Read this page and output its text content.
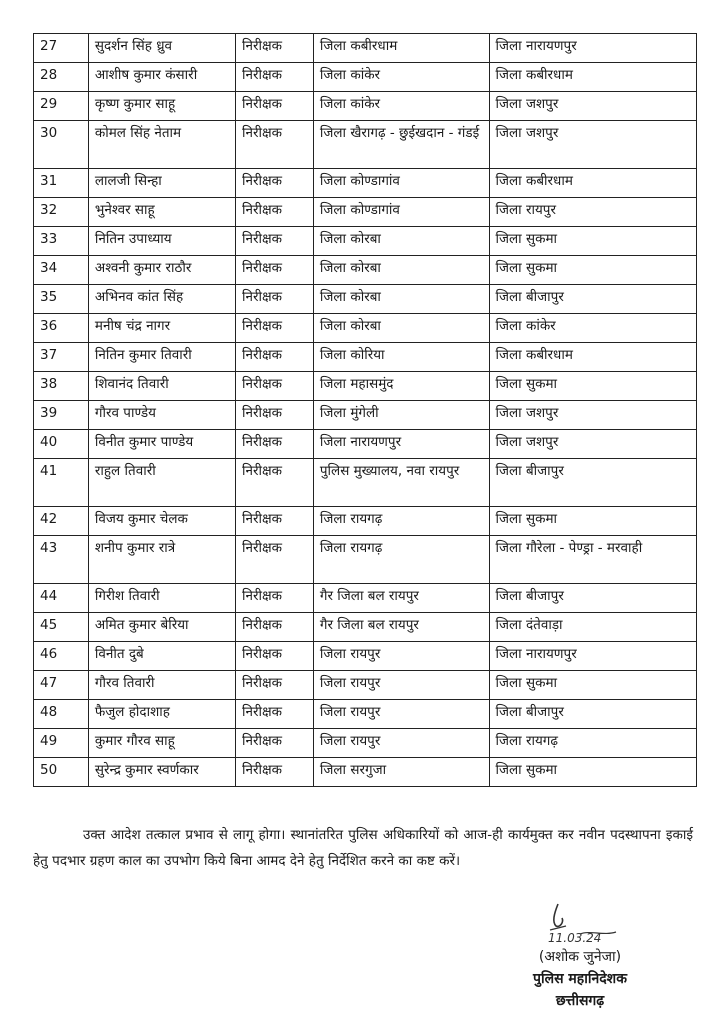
27	सुदर्शन सिंह ध्रुव	निरीक्षक	जिला कबीरधाम	जिला नारायणपुर
28	आशीष कुमार कंसारी	निरीक्षक	जिला कांकेर	जिला कबीरधाम
29	कृष्ण कुमार साहू	निरीक्षक	जिला कांकेर	जिला जशपुर
30	कोमल सिंह नेताम	निरीक्षक	जिला खैरागढ़ - छुईखदान - गंडई	जिला जशपुर
31	लालजी सिन्हा	निरीक्षक	जिला कोण्डागांव	जिला कबीरधाम
32	भुनेश्वर साहू	निरीक्षक	जिला कोण्डागांव	जिला रायपुर
33	नितिन उपाध्याय	निरीक्षक	जिला कोरबा	जिला सुकमा
34	अश्वनी कुमार राठौर	निरीक्षक	जिला कोरबा	जिला सुकमा
35	अभिनव कांत सिंह	निरीक्षक	जिला कोरबा	जिला बीजापुर
36	मनीष चंद्र नागर	निरीक्षक	जिला कोरबा	जिला कांकेर
37	नितिन कुमार तिवारी	निरीक्षक	जिला कोरिया	जिला कबीरधाम
38	शिवानंद तिवारी	निरीक्षक	जिला महासमुंद	जिला सुकमा
39	गौरव पाण्डेय	निरीक्षक	जिला मुंगेली	जिला जशपुर
40	विनीत कुमार पाण्डेय	निरीक्षक	जिला नारायणपुर	जिला जशपुर
41	राहुल तिवारी	निरीक्षक	पुलिस मुख्यालय, नवा रायपुर	जिला बीजापुर
42	विजय कुमार चेलक	निरीक्षक	जिला रायगढ़	जिला सुकमा
43	शनीप कुमार रात्रे	निरीक्षक	जिला रायगढ़	जिला गौरेला - पेण्ड्रा - मरवाही
44	गिरीश तिवारी	निरीक्षक	गैर जिला बल रायपुर	जिला बीजापुर
45	अमित कुमार बेरिया	निरीक्षक	गैर जिला बल रायपुर	जिला दंतेवाड़ा
46	विनीत दुबे	निरीक्षक	जिला रायपुर	जिला नारायणपुर
47	गौरव तिवारी	निरीक्षक	जिला रायपुर	जिला सुकमा
48	फैजुल होदाशाह	निरीक्षक	जिला रायपुर	जिला बीजापुर
49	कुमार गौरव साहू	निरीक्षक	जिला रायपुर	जिला रायगढ़
50	सुरेन्द्र कुमार स्वर्णकार	निरीक्षक	जिला सरगुजा	जिला सुकमा

उक्त आदेश तत्काल प्रभाव से लागू होगा। स्थानांतरित पुलिस अधिकारियों को आज-ही कार्यमुक्त कर नवीन पदस्थापना इकाई हेतु पदभार ग्रहण काल का उपभोग किये बिना आमद देने हेतु निर्देशित करने का कष्ट करें।

11.03.24
(अशोक जुनेजा)
पुलिस महानिदेशक
छत्तीसगढ़
